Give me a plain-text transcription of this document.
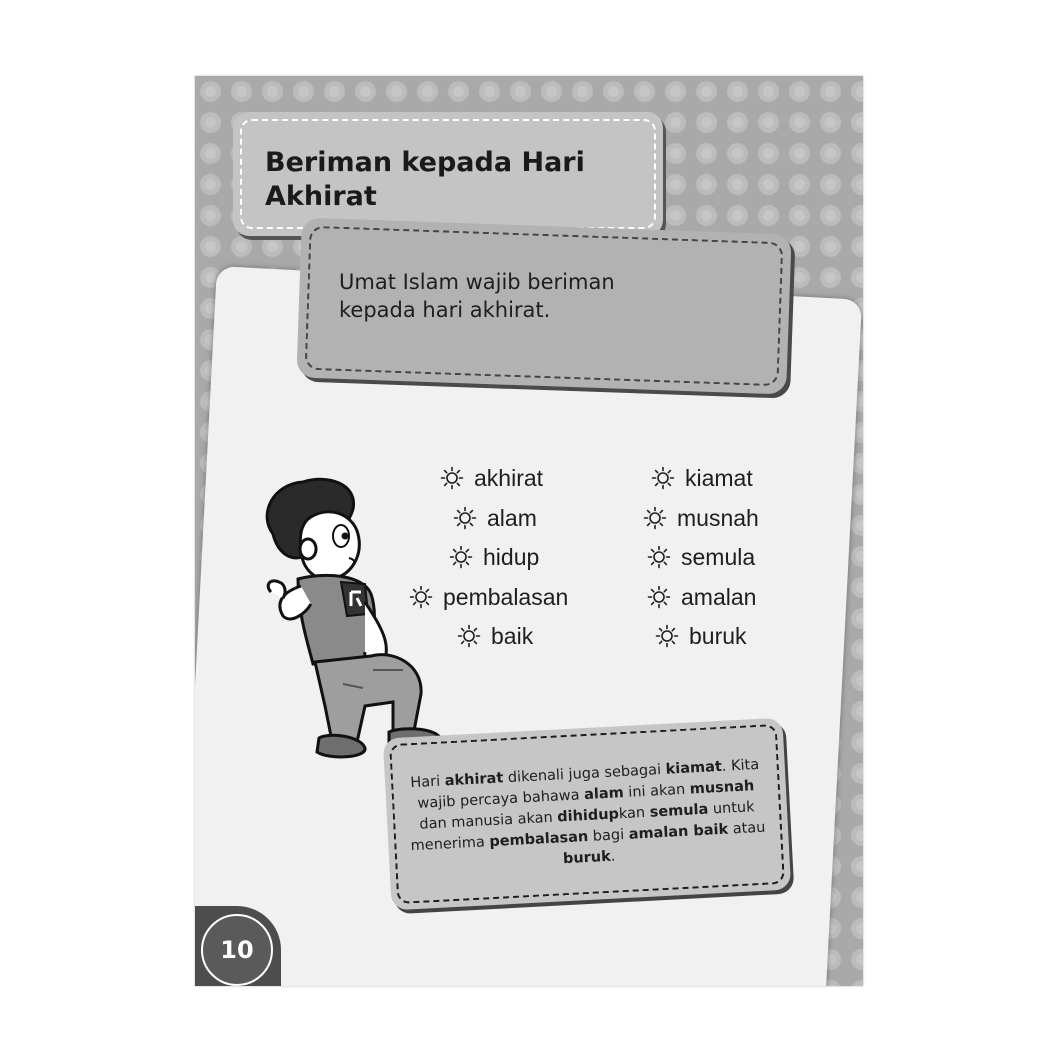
Beriman kepada Hari Akhirat

Umat Islam wajib beriman
kepada hari akhirat.

Hari akhirat dikenali juga sebagai kiamat. Kita wajib percaya bahawa alam ini akan musnah dan manusia akan dihidupkan semula untuk menerima pembalasan bagi amalan baik atau buruk.

10
akhirat
alam
hidup
pembalasan
baik
kiamat
musnah
semula
amalan
buruk
